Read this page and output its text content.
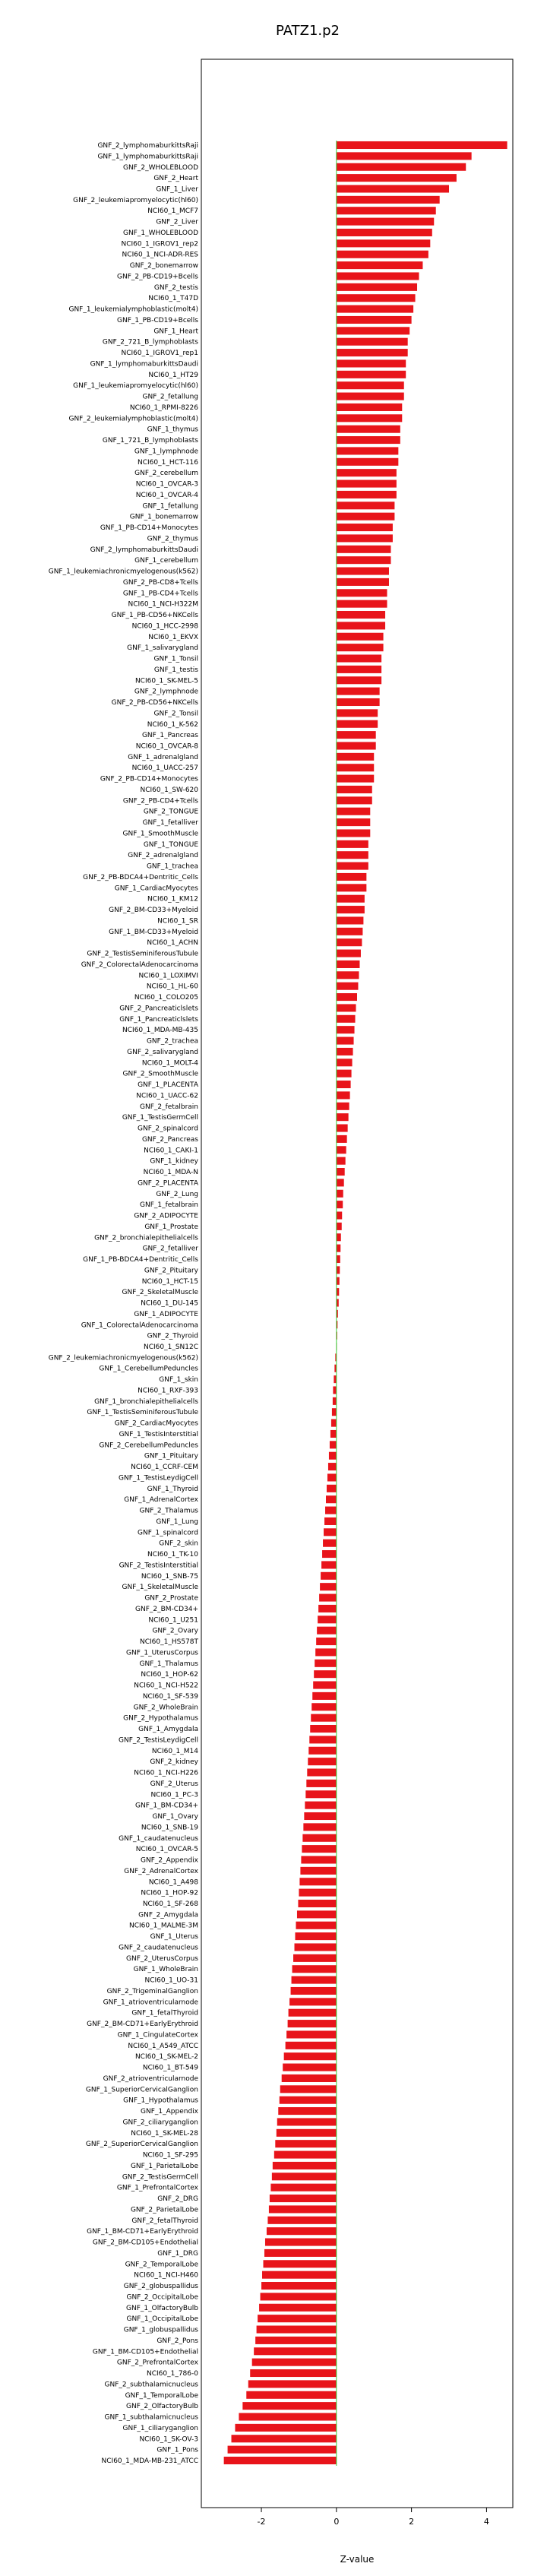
PATZ1.p2
GNF_2_lymphomaburkittsRaji
GNF_1_lymphomaburkittsRaji
GNF_2_WHOLEBLOOD
GNF_2_Heart
GNF_1_Liver
GNF_2_leukemiapromyelocytic(hl60)
NCI60_1_MCF7
GNF_2_Liver
GNF_1_WHOLEBLOOD
NCI60_1_IGROV1_rep2
NCI60_1_NCI-ADR-RES
GNF_2_bonemarrow
GNF_2_PB-CD19+Bcells
GNF_2_testis
NCI60_1_T47D
GNF_1_leukemialymphoblastic(molt4)
GNF_1_PB-CD19+Bcells
GNF_1_Heart
GNF_2_721_B_lymphoblasts
NCI60_1_IGROV1_rep1
GNF_1_lymphomaburkittsDaudi
NCI60_1_HT29
GNF_1_leukemiapromyelocytic(hl60)
GNF_2_fetallung
NCI60_1_RPMI-8226
GNF_2_leukemialymphoblastic(molt4)
GNF_1_thymus
GNF_1_721_B_lymphoblasts
GNF_1_lymphnode
NCI60_1_HCT-116
GNF_2_cerebellum
NCI60_1_OVCAR-3
NCI60_1_OVCAR-4
GNF_1_fetallung
GNF_1_bonemarrow
GNF_1_PB-CD14+Monocytes
GNF_2_thymus
GNF_2_lymphomaburkittsDaudi
GNF_1_cerebellum
GNF_1_leukemiachronicmyelogenous(k562)
GNF_2_PB-CD8+Tcells
GNF_1_PB-CD4+Tcells
NCI60_1_NCI-H322M
GNF_1_PB-CD56+NKCells
NCI60_1_HCC-2998
NCI60_1_EKVX
GNF_1_salivarygland
GNF_1_Tonsil
GNF_1_testis
NCI60_1_SK-MEL-5
GNF_2_lymphnode
GNF_2_PB-CD56+NKCells
GNF_2_Tonsil
NCI60_1_K-562
GNF_1_Pancreas
NCI60_1_OVCAR-8
GNF_1_adrenalgland
NCI60_1_UACC-257
GNF_2_PB-CD14+Monocytes
NCI60_1_SW-620
GNF_2_PB-CD4+Tcells
GNF_2_TONGUE
GNF_1_fetalliver
GNF_1_SmoothMuscle
GNF_1_TONGUE
GNF_2_adrenalgland
GNF_1_trachea
GNF_2_PB-BDCA4+Dentritic_Cells
GNF_1_CardiacMyocytes
NCI60_1_KM12
GNF_2_BM-CD33+Myeloid
NCI60_1_SR
GNF_1_BM-CD33+Myeloid
NCI60_1_ACHN
GNF_2_TestisSeminiferousTubule
GNF_2_ColorectalAdenocarcinoma
NCI60_1_LOXIMVI
NCI60_1_HL-60
NCI60_1_COLO205
GNF_2_Pancreaticlslets
GNF_1_Pancreaticlslets
NCI60_1_MDA-MB-435
GNF_2_trachea
GNF_2_salivarygland
NCI60_1_MOLT-4
GNF_2_SmoothMuscle
GNF_1_PLACENTA
NCI60_1_UACC-62
GNF_2_fetalbrain
GNF_1_TestisGermCell
GNF_2_spinalcord
GNF_2_Pancreas
NCI60_1_CAKI-1
GNF_1_kidney
NCI60_1_MDA-N
GNF_2_PLACENTA
GNF_2_Lung
GNF_1_fetalbrain
GNF_2_ADIPOCYTE
GNF_1_Prostate
GNF_2_bronchialepithelialcells
GNF_2_fetalliver
GNF_1_PB-BDCA4+Dentritic_Cells
GNF_2_Pituitary
NCI60_1_HCT-15
GNF_2_SkeletalMuscle
NCI60_1_DU-145
GNF_1_ADIPOCYTE
GNF_1_ColorectalAdenocarcinoma
GNF_2_Thyroid
NCI60_1_SN12C
GNF_2_leukemiachronicmyelogenous(k562)
GNF_1_CerebellumPeduncles
GNF_1_skin
NCI60_1_RXF-393
GNF_1_bronchialepithelialcells
GNF_1_TestisSeminiferousTubule
GNF_2_CardiacMyocytes
GNF_1_TestisInterstitial
GNF_2_CerebellumPeduncles
GNF_1_Pituitary
NCI60_1_CCRF-CEM
GNF_1_TestisLeydigCell
GNF_1_Thyroid
GNF_1_AdrenalCortex
GNF_2_Thalamus
GNF_1_Lung
GNF_1_spinalcord
GNF_2_skin
NCI60_1_TK-10
GNF_2_TestisInterstitial
NCI60_1_SNB-75
GNF_1_SkeletalMuscle
GNF_2_Prostate
GNF_2_BM-CD34+
NCI60_1_U251
GNF_2_Ovary
NCI60_1_HS578T
GNF_1_UterusCorpus
GNF_1_Thalamus
NCI60_1_HOP-62
NCI60_1_NCI-H522
NCI60_1_SF-539
GNF_2_WholeBrain
GNF_2_Hypothalamus
GNF_1_Amygdala
GNF_2_TestisLeydigCell
NCI60_1_M14
GNF_2_kidney
NCI60_1_NCI-H226
GNF_2_Uterus
NCI60_1_PC-3
GNF_1_BM-CD34+
GNF_1_Ovary
NCI60_1_SNB-19
GNF_1_caudatenucleus
NCI60_1_OVCAR-5
GNF_2_Appendix
GNF_2_AdrenalCortex
NCI60_1_A498
NCI60_1_HOP-92
NCI60_1_SF-268
GNF_2_Amygdala
NCI60_1_MALME-3M
GNF_1_Uterus
GNF_2_caudatenucleus
GNF_2_UterusCorpus
GNF_1_WholeBrain
NCI60_1_UO-31
GNF_2_TrigeminalGanglion
GNF_1_atrioventricularnode
GNF_1_fetalThyroid
GNF_2_BM-CD71+EarlyErythroid
GNF_1_CingulateCortex
NCI60_1_A549_ATCC
NCI60_1_SK-MEL-2
NCI60_1_BT-549
GNF_2_atrioventricularnode
GNF_1_SuperiorCervicalGanglion
GNF_1_Hypothalamus
GNF_1_Appendix
GNF_2_ciliaryganglion
NCI60_1_SK-MEL-28
GNF_2_SuperiorCervicalGanglion
NCI60_1_SF-295
GNF_1_ParietalLobe
GNF_2_TestisGermCell
GNF_1_PrefrontalCortex
GNF_2_DRG
GNF_2_ParietalLobe
GNF_2_fetalThyroid
GNF_1_BM-CD71+EarlyErythroid
GNF_2_BM-CD105+Endothelial
GNF_1_DRG
GNF_2_TemporalLobe
NCI60_1_NCI-H460
GNF_2_globuspallidus
GNF_2_OccipitalLobe
GNF_1_OlfactoryBulb
GNF_1_OccipitalLobe
GNF_1_globuspallidus
GNF_2_Pons
GNF_1_BM-CD105+Endothelial
GNF_2_PrefrontalCortex
NCI60_1_786-0
GNF_2_subthalamicnucleus
GNF_1_TemporalLobe
GNF_2_OlfactoryBulb
GNF_1_subthalamicnucleus
GNF_1_ciliaryganglion
NCI60_1_SK-OV-3
GNF_1_Pons
NCI60_1_MDA-MB-231_ATCC
-2	0	2	4
Z-value
